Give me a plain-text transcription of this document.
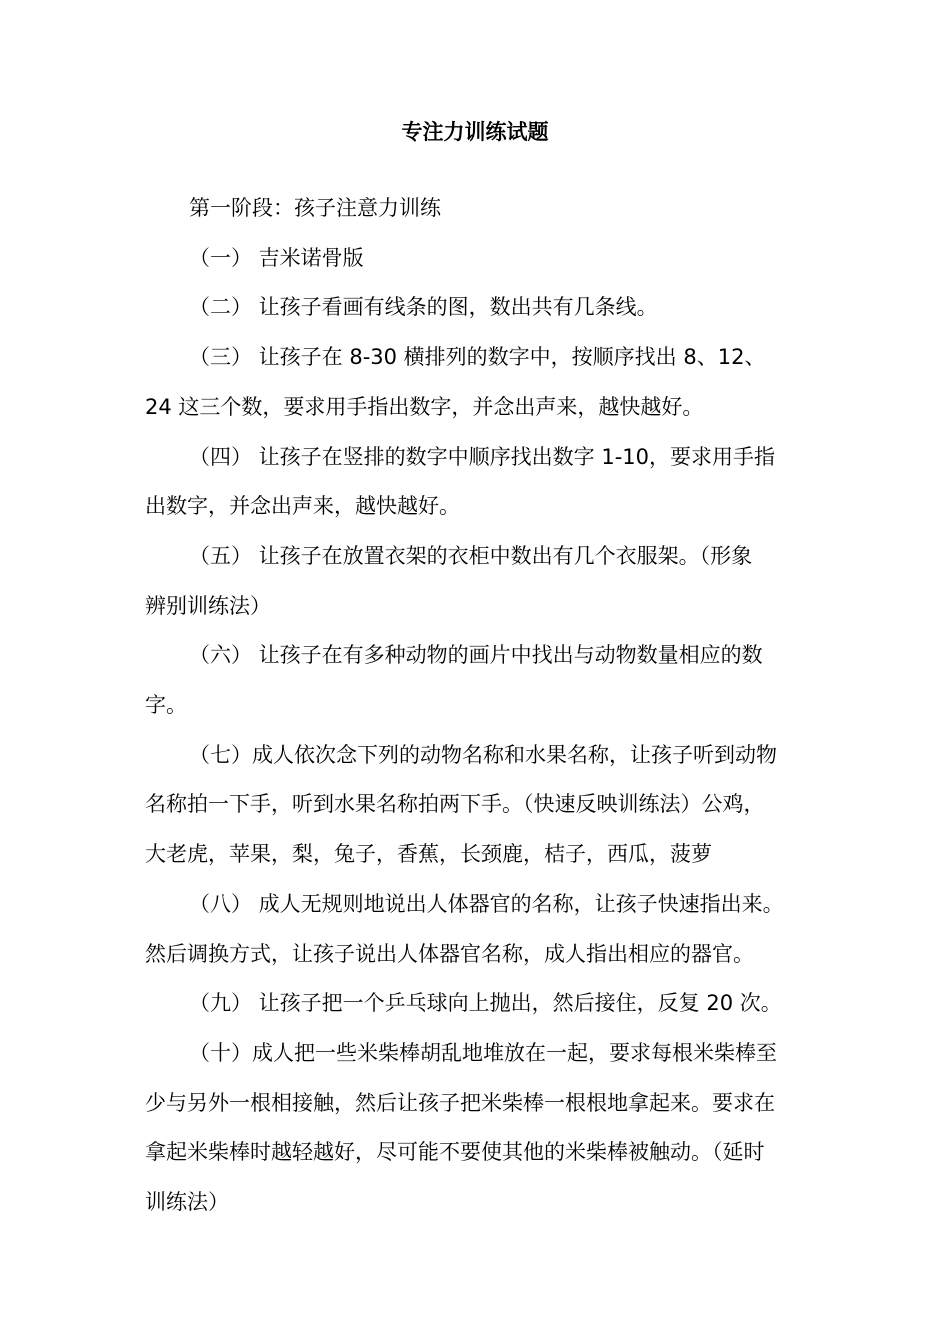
专注力训练试题

第一阶段：孩子注意力训练

（一） 吉米诺骨版

（二） 让孩子看画有线条的图，数出共有几条线。

（三） 让孩子在 8-30 横排列的数字中，按顺序找出 8、12、

24 这三个数，要求用手指出数字，并念出声来，越快越好。

（四） 让孩子在竖排的数字中顺序找出数字 1-10，要求用手指

出数字，并念出声来，越快越好。

（五） 让孩子在放置衣架的衣柜中数出有几个衣服架。（形象

辨别训练法）

（六） 让孩子在有多种动物的画片中找出与动物数量相应的数

字。

（七）成人依次念下列的动物名称和水果名称，让孩子听到动物

名称拍一下手，听到水果名称拍两下手。（快速反映训练法）公鸡，

大老虎，苹果，梨，兔子，香蕉，长颈鹿，桔子，西瓜，菠萝

（八） 成人无规则地说出人体器官的名称，让孩子快速指出来。

然后调换方式，让孩子说出人体器官名称，成人指出相应的器官。

（九） 让孩子把一个乒乓球向上抛出，然后接住，反复 20 次。

（十）成人把一些米柴棒胡乱地堆放在一起，要求每根米柴棒至

少与另外一根相接触，然后让孩子把米柴棒一根根地拿起来。要求在

拿起米柴棒时越轻越好，尽可能不要使其他的米柴棒被触动。（延时

训练法）
